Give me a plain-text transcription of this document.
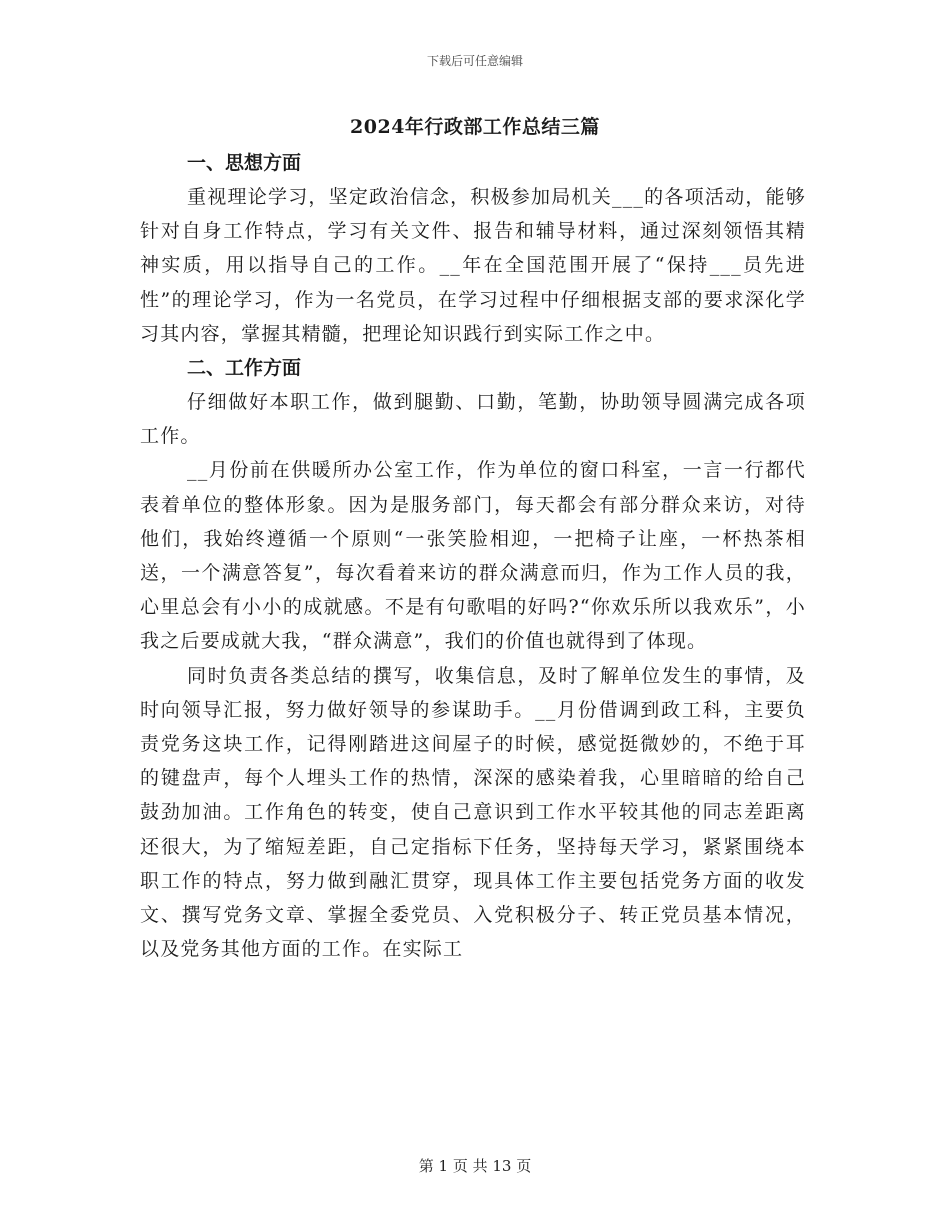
下载后可任意编辑
2024年行政部工作总结三篇

一、思想方面

重视理论学习，坚定政治信念，积极参加局机关___的各项活动，能够针对自身工作特点，学习有关文件、报告和辅导材料，通过深刻领悟其精神实质，用以指导自己的工作。__年在全国范围开展了“保持___员先进性”的理论学习，作为一名党员，在学习过程中仔细根据支部的要求深化学习其内容，掌握其精髓，把理论知识践行到实际工作之中。

二、工作方面

仔细做好本职工作，做到腿勤、口勤，笔勤，协助领导圆满完成各项工作。

__月份前在供暖所办公室工作，作为单位的窗口科室，一言一行都代表着单位的整体形象。因为是服务部门，每天都会有部分群众来访，对待他们，我始终遵循一个原则“一张笑脸相迎，一把椅子让座，一杯热茶相送，一个满意答复”，每次看着来访的群众满意而归，作为工作人员的我，心里总会有小小的成就感。不是有句歌唱的好吗?“你欢乐所以我欢乐”，小我之后要成就大我，“群众满意”，我们的价值也就得到了体现。

同时负责各类总结的撰写，收集信息，及时了解单位发生的事情，及时向领导汇报，努力做好领导的参谋助手。__月份借调到政工科，主要负责党务这块工作，记得刚踏进这间屋子的时候，感觉挺微妙的，不绝于耳的键盘声，每个人埋头工作的热情，深深的感染着我，心里暗暗的给自己鼓劲加油。工作角色的转变，使自己意识到工作水平较其他的同志差距离还很大，为了缩短差距，自己定指标下任务，坚持每天学习，紧紧围绕本职工作的特点，努力做到融汇贯穿，现具体工作主要包括党务方面的收发文、撰写党务文章、掌握全委党员、入党积极分子、转正党员基本情况，以及党务其他方面的工作。在实际工

第 1 页 共 13 页
